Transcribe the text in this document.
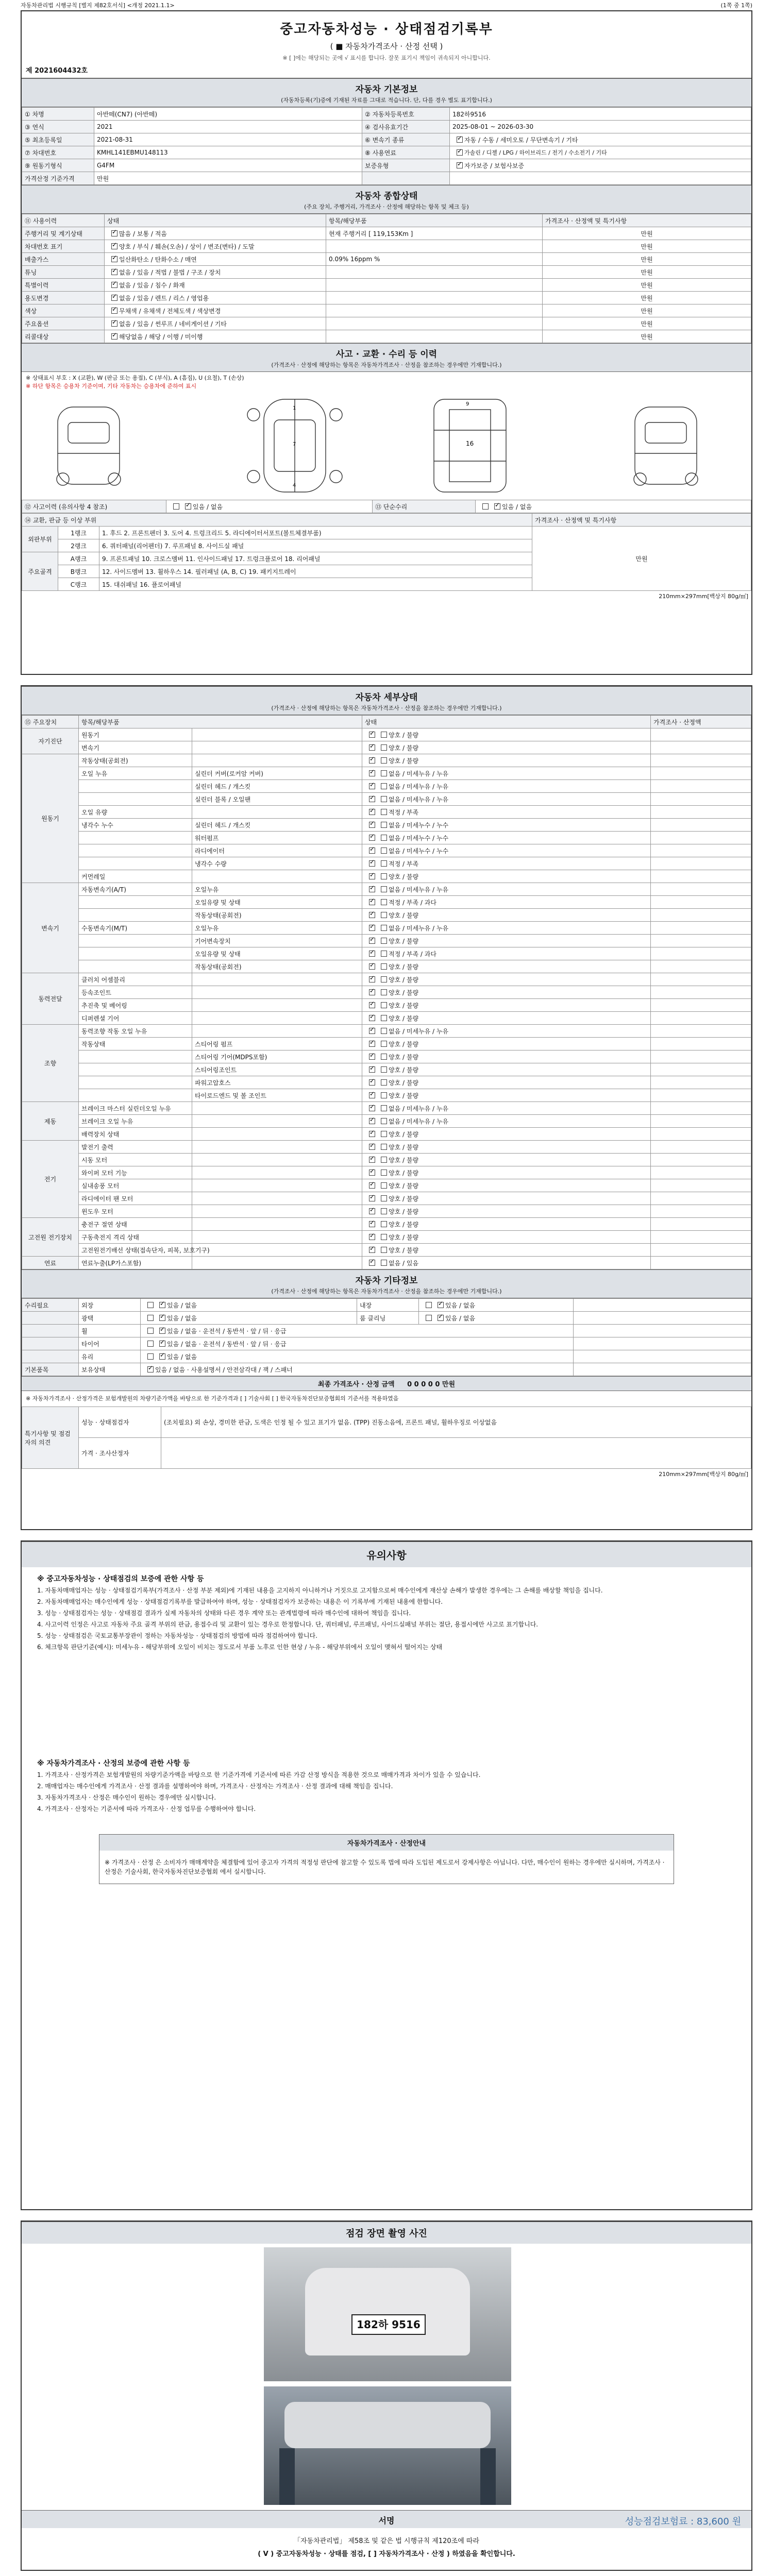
자동차관리법 시행규칙 [별지 제82호서식] <개정 2021.1.1>	(1쪽 중 1쪽)
중고자동차성능 · 상태점검기록부
( ■ 자동차가격조사 · 산정 선택 )
※ [ ]에는 해당되는 곳에 √ 표시를 합니다. 잘못 표기시 책임이 귀속되지 아니합니다.
제 2021604432호
자동차 기본정보
(자동차등록(기)증에 기재된 자료를 그대로 적습니다. 단, 다를 경우 별도 표기합니다.)
① 차명	아반떼(CN7) (아반떼)	② 자동차등록번호	182하9516
③ 연식	2021	④ 검사유효기간	2025-08-01 ~ 2026-03-30
⑤ 최초등록일	2021-08-31	⑥ 변속기 종류	✓자동 / 수동 / 세미오토 / 무단변속기 / 기타
⑦ 차대번호	KMHL141EBMU148113	⑧ 사용연료	✓가솔린 / 디젤 / LPG / 하이브리드 / 전기 / 수소전기 / 기타
⑨ 원동기형식	G4FM	보증유형	✓자가보증 / 보험사보증
가격산정 기준가격	만원		
자동차 종합상태
(주요 장치, 주행거리, 가격조사 · 산정에 해당하는 항목 및 체크 등)
⑪ 사용이력	상태	항목/해당부품	가격조사 · 산정액 및 특기사항
주행거리 및 계기상태	✓많음 / 보통 / 적음	현재 주행거리 [ 119,153Km ]	만원
차대번호 표기	✓양호 / 부식 / 훼손(오손) / 상이 / 변조(변타) / 도말		만원
배출가스	✓일산화탄소 / 탄화수소 / 매연	0.09% 16ppm %	만원
튜닝	✓없음 / 있음 / 적법 / 불법 / 구조 / 장치		만원
특별이력	✓없음 / 있음 / 침수 / 화재		만원
용도변경	✓없음 / 있음 / 렌트 / 리스 / 영업용		만원
색상	✓무채색 / 유채색 / 전체도색 / 색상변경		만원
주요옵션	✓없음 / 있음 / 썬루프 / 네비게이션 / 기타		만원
리콜대상	✓해당없음 / 해당 / 이행 / 미이행		만원
사고 · 교환 · 수리 등 이력
(가격조사 · 산정에 해당하는 항목은 자동차가격조사 · 산정을 참조하는 경우에만 기재합니다.)
※ 상태표시 부호 : X (교환), W (판금 또는 용접), C (부식), A (흠집), U (요철), T (손상)
※ 하단 항목은 승용차 기준이며, 기타 자동차는 승용차에 준하여 표시
1
7
4
16
9
⑫ 사고이력 (유의사항 4 참조)	✓있음 / 없음	⑬ 단순수리	✓있음 / 없음
⑭ 교환, 판금 등 이상 부위			가격조사 · 산정액 및 특기사항
외판부위	1랭크	1. 후드 2. 프론트펜더 3. 도어 4. 트렁크리드 5. 라디에이터서포트(볼트체결부품)	만원
	2랭크	6. 쿼터패널(리어펜더) 7. 루프패널 8. 사이드실 패널	
주요골격	A랭크	9. 프론트패널 10. 크로스멤버 11. 인사이드패널 17. 트렁크플로어 18. 리어패널	
	B랭크	12. 사이드멤버 13. 휠하우스 14. 필러패널 (A, B, C) 19. 패키지트레이	
	C랭크	15. 대쉬패널 16. 플로어패널	
210mm×297mm[백상지 80g/㎡]
자동차 세부상태
(가격조사 · 산정에 해당하는 항목은 자동차가격조사 · 산정을 참조하는 경우에만 기재합니다.)
⑮ 주요장치	항목/해당부품		상태	가격조사 · 산정액
자기진단	원동기		✓양호 / 불량	
	변속기		✓양호 / 불량	
원동기	작동상태(공회전)		✓양호 / 불량	
	오일 누유	실린더 커버(로커암 커버)	✓없음 / 미세누유 / 누유	
		실린더 헤드 / 개스킷	✓없음 / 미세누유 / 누유	
		실린더 블록 / 오일팬	✓없음 / 미세누유 / 누유	
	오일 유량		✓적정 / 부족	
	냉각수 누수	실린더 헤드 / 개스킷	✓없음 / 미세누수 / 누수	
		워터펌프	✓없음 / 미세누수 / 누수	
		라디에이터	✓없음 / 미세누수 / 누수	
		냉각수 수량	✓적정 / 부족	
	커먼레일		✓양호 / 불량	
변속기	자동변속기(A/T)	오일누유	✓없음 / 미세누유 / 누유	
		오일유량 및 상태	✓적정 / 부족 / 과다	
		작동상태(공회전)	✓양호 / 불량	
	수동변속기(M/T)	오일누유	✓없음 / 미세누유 / 누유	
		기어변속장치	✓양호 / 불량	
		오일유량 및 상태	✓적정 / 부족 / 과다	
		작동상태(공회전)	✓양호 / 불량	
동력전달	클러치 어셈블리		✓양호 / 불량	
	등속조인트		✓양호 / 불량	
	추진축 및 베어링		✓양호 / 불량	
	디퍼렌셜 기어		✓양호 / 불량	
조향	동력조향 작동 오일 누유		✓없음 / 미세누유 / 누유	
	작동상태	스티어링 펌프	✓양호 / 불량	
		스티어링 기어(MDPS포함)	✓양호 / 불량	
		스티어링조인트	✓양호 / 불량	
		파워고압호스	✓양호 / 불량	
		타이로드엔드 및 볼 조인트	✓양호 / 불량	
제동	브레이크 마스터 실린더오일 누유		✓없음 / 미세누유 / 누유	
	브레이크 오일 누유		✓없음 / 미세누유 / 누유	
	배력장치 상태		✓양호 / 불량	
전기	발전기 출력		✓양호 / 불량	
	시동 모터		✓양호 / 불량	
	와이퍼 모터 기능		✓양호 / 불량	
	실내송풍 모터		✓양호 / 불량	
	라디에이터 팬 모터		✓양호 / 불량	
	윈도우 모터		✓양호 / 불량	
고전원 전기장치	충전구 절연 상태		✓양호 / 불량	
	구동축전지 격리 상태		✓양호 / 불량	
	고전원전기배선 상태(접속단자, 피복, 보호기구)		✓양호 / 불량	
연료	연료누출(LP가스포함)		✓없음 / 있음	
자동차 기타정보
(가격조사 · 산정에 해당하는 항목은 자동차가격조사 · 산정을 참조하는 경우에만 기재합니다.)
수리필요	외장	✓있음 / 없음	내장	✓있음 / 없음	
	광택	✓있음 / 없음	룸 클리닝	✓있음 / 없음	
	휠	✓있음 / 없음 · 운전석 / 동반석 · 앞 / 뒤 · 응급	
	타이어	✓있음 / 없음 · 운전석 / 동반석 · 앞 / 뒤 · 응급	
	유리	✓있음 / 없음	
기본품목	보유상태	✓있음 / 없음 · 사용설명서 / 안전삼각대 / 잭 / 스패너	
최종 가격조사 · 산정 금액 0 0 0 0 0 만원
※ 자동차가격조사 · 산정가격은 보험개발원의 차량기준가액을 바탕으로 한 기준가격과 [ ] 기술사회 [ ] 한국자동차진단보증협회의 기준서를 적용하였음
특기사항 및 점검자의 의견	성능 · 상태점검자	(조치필요) 외 손상, 경미한 판금, 도색은 인정 될 수 있고 표기가 없음. (TPP) 진동소음에, 프론트 패널, 휠하우징로 이상없음
	가격 · 조사산정자	
210mm×297mm[백상지 80g/㎡]
유의사항
※ 중고자동차성능 · 상태점검의 보증에 관한 사항 등
1. 자동차매매업자는 성능 · 상태점검기록부(가격조사 · 산정 부분 제외)에 기재된 내용을 고지하지 아니하거나 거짓으로 고지함으로써 매수인에게 재산상 손해가 발생한 경우에는 그 손해를 배상할 책임을 집니다.
2. 자동차매매업자는 매수인에게 성능 · 상태점검기록부를 발급하여야 하며, 성능 · 상태점검자가 보증하는 내용은 이 기록부에 기재된 내용에 한합니다.
3. 성능 · 상태점검자는 성능 · 상태점검 결과가 실제 자동차의 상태와 다른 경우 계약 또는 관계법령에 따라 매수인에 대하여 책임을 집니다.
4. 사고이력 인정은 사고로 자동차 주요 골격 부위의 판금, 용접수리 및 교환이 있는 경우로 한정합니다. 단, 쿼터패널, 루프패널, 사이드실패널 부위는 절단, 용접시에만 사고로 표기합니다.
5. 성능 · 상태점검은 국토교통부장관이 정하는 자동차성능 · 상태점검의 방법에 따라 점검하여야 합니다.
6. 체크항목 판단기준(예시): 미세누유 - 해당부위에 오일이 비치는 정도로서 부품 노후로 인한 현상 / 누유 - 해당부위에서 오일이 맺혀서 떨어지는 상태
※ 자동차가격조사 · 산정의 보증에 관한 사항 등
1. 가격조사 · 산정가격은 보험개발원의 차량기준가액을 바탕으로 한 기준가격에 기준서에 따른 가감 산정 방식을 적용한 것으로 매매가격과 차이가 있을 수 있습니다.
2. 매매업자는 매수인에게 가격조사 · 산정 결과를 설명하여야 하며, 가격조사 · 산정자는 가격조사 · 산정 결과에 대해 책임을 집니다.
3. 자동차가격조사 · 산정은 매수인이 원하는 경우에만 실시합니다.
4. 가격조사 · 산정자는 기준서에 따라 가격조사 · 산정 업무를 수행하여야 합니다.
자동차가격조사 · 산정안내
※ 가격조사 · 산정 은 소비자가 매매계약을 체결함에 있어 중고자 가격의 적정성 판단에 참고할 수 있도록 법에 따라 도입된 제도로서 강제사항은 아닙니다. 다만, 매수인이 원하는 경우에만 실시하며, 가격조사 · 산정은 기술사회, 한국자동차진단보증협회 에서 실시합니다.
점검 장면 촬영 사진
182하 9516
서명	성능점검보험료 : 83,600 원
「자동차관리법」 제58조 및 같은 법 시행규칙 제120조에 따라
( V ) 중고자동차성능 · 상태를 점검, [ ] 자동차가격조사 · 산정 ) 하였음을 확인합니다.
